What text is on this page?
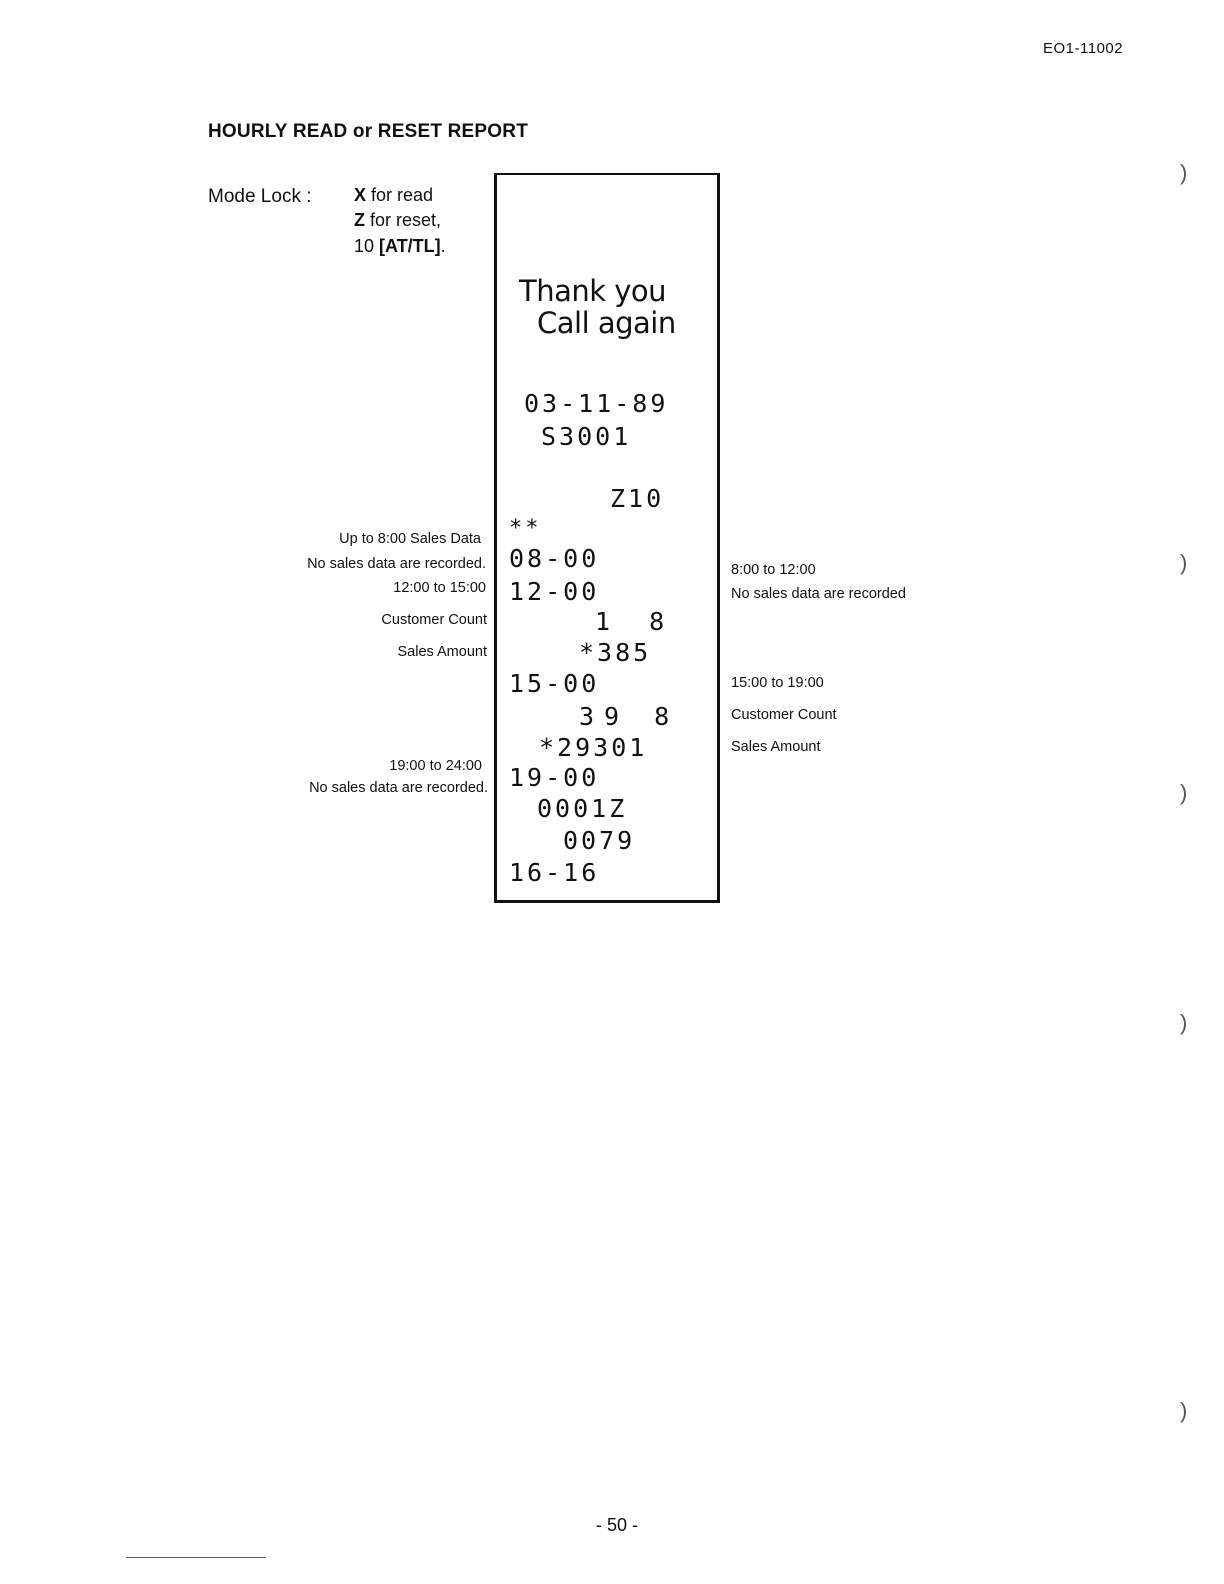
EO1-11002
HOURLY READ or RESET REPORT
Mode Lock : X for read
Z for reset,
10 [AT/TL].
Up to 8:00 Sales Data
No sales data are recorded.
12:00 to 15:00
Customer Count
Sales Amount
19:00 to 24:00
No sales data are recorded.
8:00 to 12:00
No sales data are recorded
15:00 to 19:00
Customer Count
Sales Amount
Thank you
Call again
03-11-89
S3001
Z10
**
08-00
12-00
1 8
*385
15-00
39 8
*29301
19-00
0001Z
0079
16-16
)
)
)
)
)
- 50 -
